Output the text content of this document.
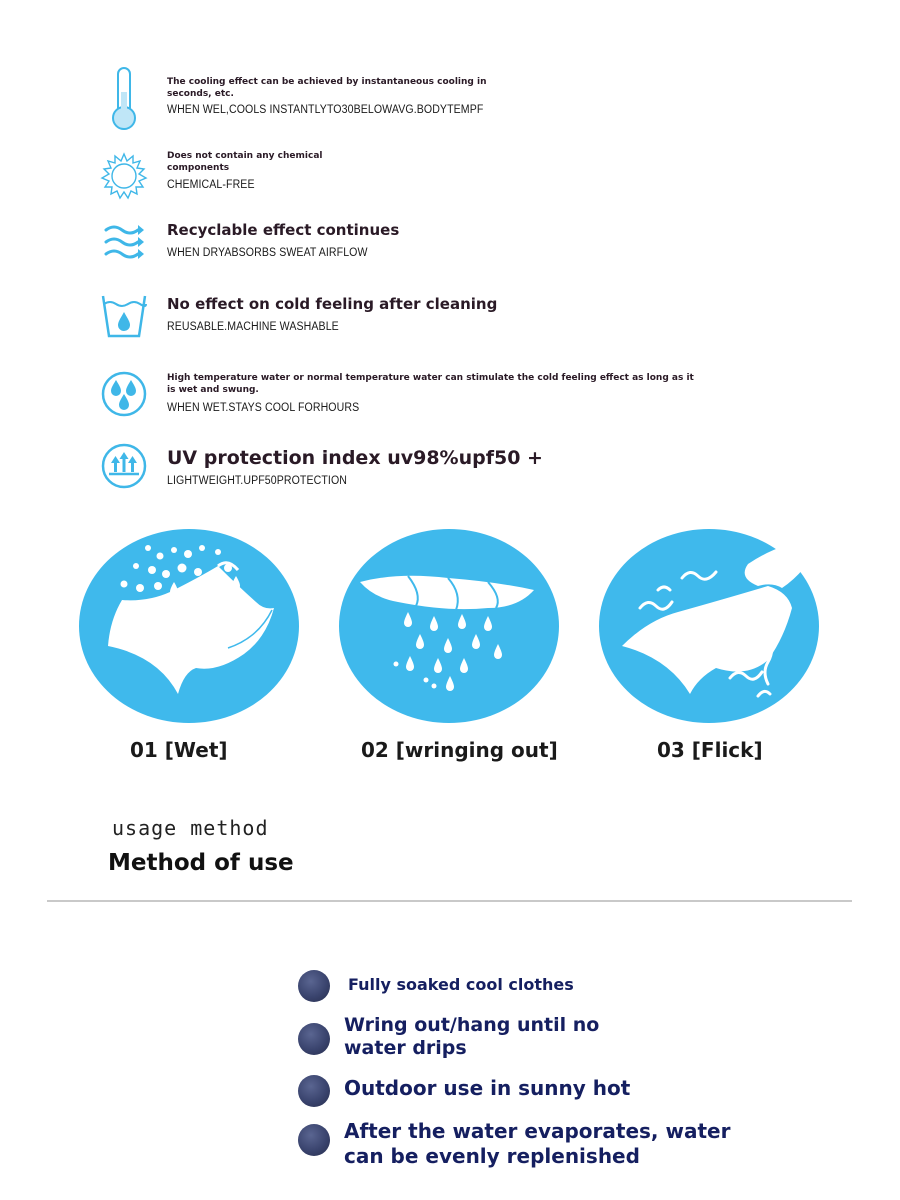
The cooling effect can be achieved by instantaneous cooling in seconds, etc.
WHEN WEL,COOLS INSTANTLYTO30BELOWAVG.BODYTEMPF
Does not contain any chemical components
CHEMICAL-FREE
Recyclable effect continues
WHEN DRYABSORBS SWEAT AIRFLOW
No effect on cold feeling after cleaning
REUSABLE.MACHINE WASHABLE
High temperature water or normal temperature water can stimulate the cold feeling effect as long as it is wet and swung.
WHEN WET.STAYS COOL FORHOURS
UV protection index uv98%upf50 +
LIGHTWEIGHT.UPF50PROTECTION
01 [Wet]	02 [wringing out]	03 [Flick]
usage method
Method of use
Fully soaked cool clothes
Wring out/hang until no
water drips
Outdoor use in sunny hot
After the water evaporates, water
can be evenly replenished
